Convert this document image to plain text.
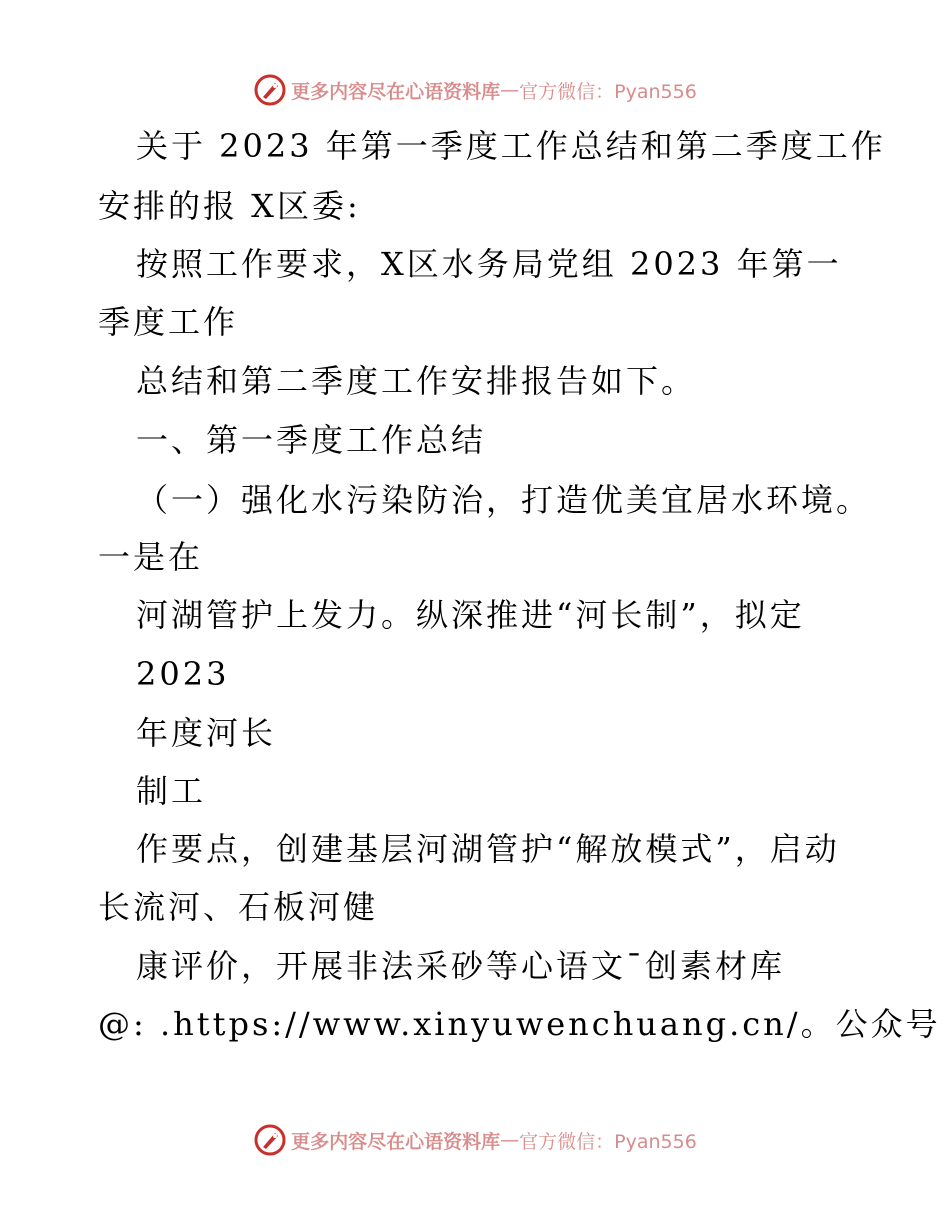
更多内容尽在心语资料库 — 官方微信：Pyan556
关于 2023 年第一季度工作总结和第二季度工作
安排的报 X区委:
按照工作要求，X区水务局党组 2023 年第一
季度工作
总结和第二季度工作安排报告如下。
一、第一季度工作总结
（一）强化水污染防治，打造优美宜居水环境。
一是在
河湖管护上发力。纵深推进“河长制”，拟定
2023
年度河长
制工
作要点，创建基层河湖管护“解放模式”，启动
长流河、石板河健
康评价，开展非法采砂等心语文¯创素材库
@: .https://www.xinyuwenchuang.cn/。公众号
更多内容尽在心语资料库 — 官方微信：Pyan556
